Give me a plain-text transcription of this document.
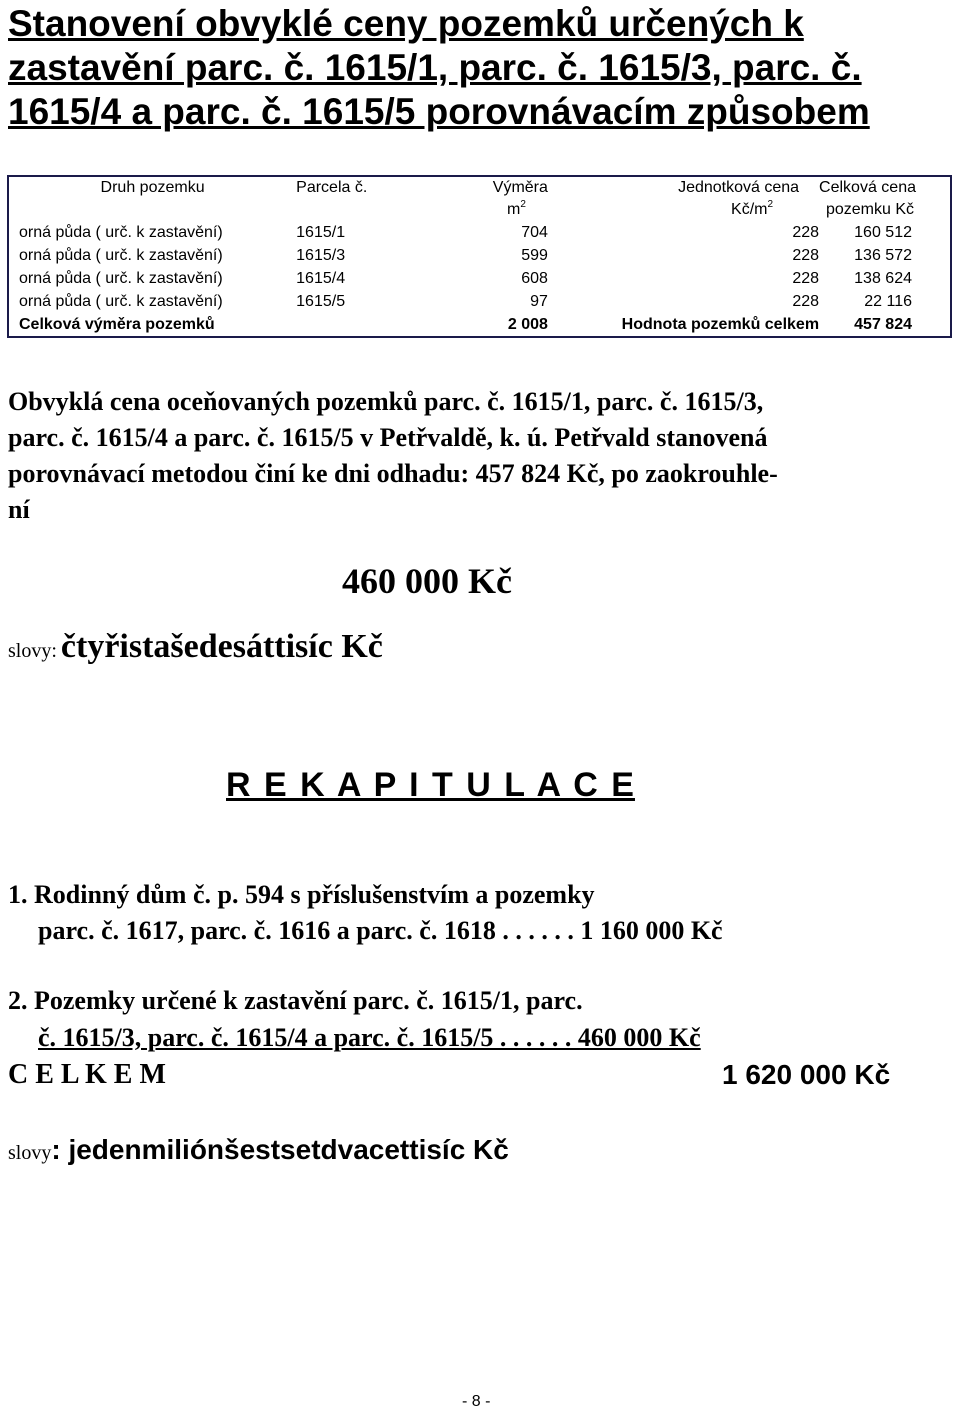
Stanovení obvyklé ceny pozemků určených k zastavění parc. č. 1615/1, parc. č. 1615/3, parc. č. 1615/4 a parc. č. 1615/5 porovnávacím způsobem
Druh pozemku	Parcela č.	Výměra	Jednotková cena	Celková cena
		$m^2$	$Kč/m^2$	pozemku Kč
orná půda ( urč. k zastavění)	1615/1	704	228	160 512
orná půda ( urč. k zastavění)	1615/3	599	228	136 572
orná půda ( urč. k zastavění)	1615/4	608	228	138 624
orná půda ( urč. k zastavění)	1615/5	97	228	22 116
Celková výměra pozemků		2 008	Hodnota pozemků celkem	457 824
Obvyklá cena oceňovaných pozemků parc. č. 1615/1, parc. č. 1615/3,
parc. č. 1615/4 a parc. č. 1615/5 v Petřvaldě, k. ú. Petřvald stanovená
porovnávací metodou činí ke dni odhadu: 457 824 Kč, po zaokrouhle-
ní
460 000 Kč
slovy: čtyřistašedesáttisíc Kč
R E K A P I T U L A C E
1. Rodinný dům č. p. 594 s příslušenstvím a pozemky
parc. č. 1617, parc. č. 1616 a parc. č. 1618 . . . . . . 1 160 000 Kč
2. Pozemky určené k zastavění parc. č. 1615/1, parc.
č. 1615/3, parc. č. 1615/4 a parc. č. 1615/5 . . . . . . 460 000 Kč
C E L K E M	1 620 000 Kč
slovy: jedenmiliónšestsetdvacettisíc Kč
- 8 -
